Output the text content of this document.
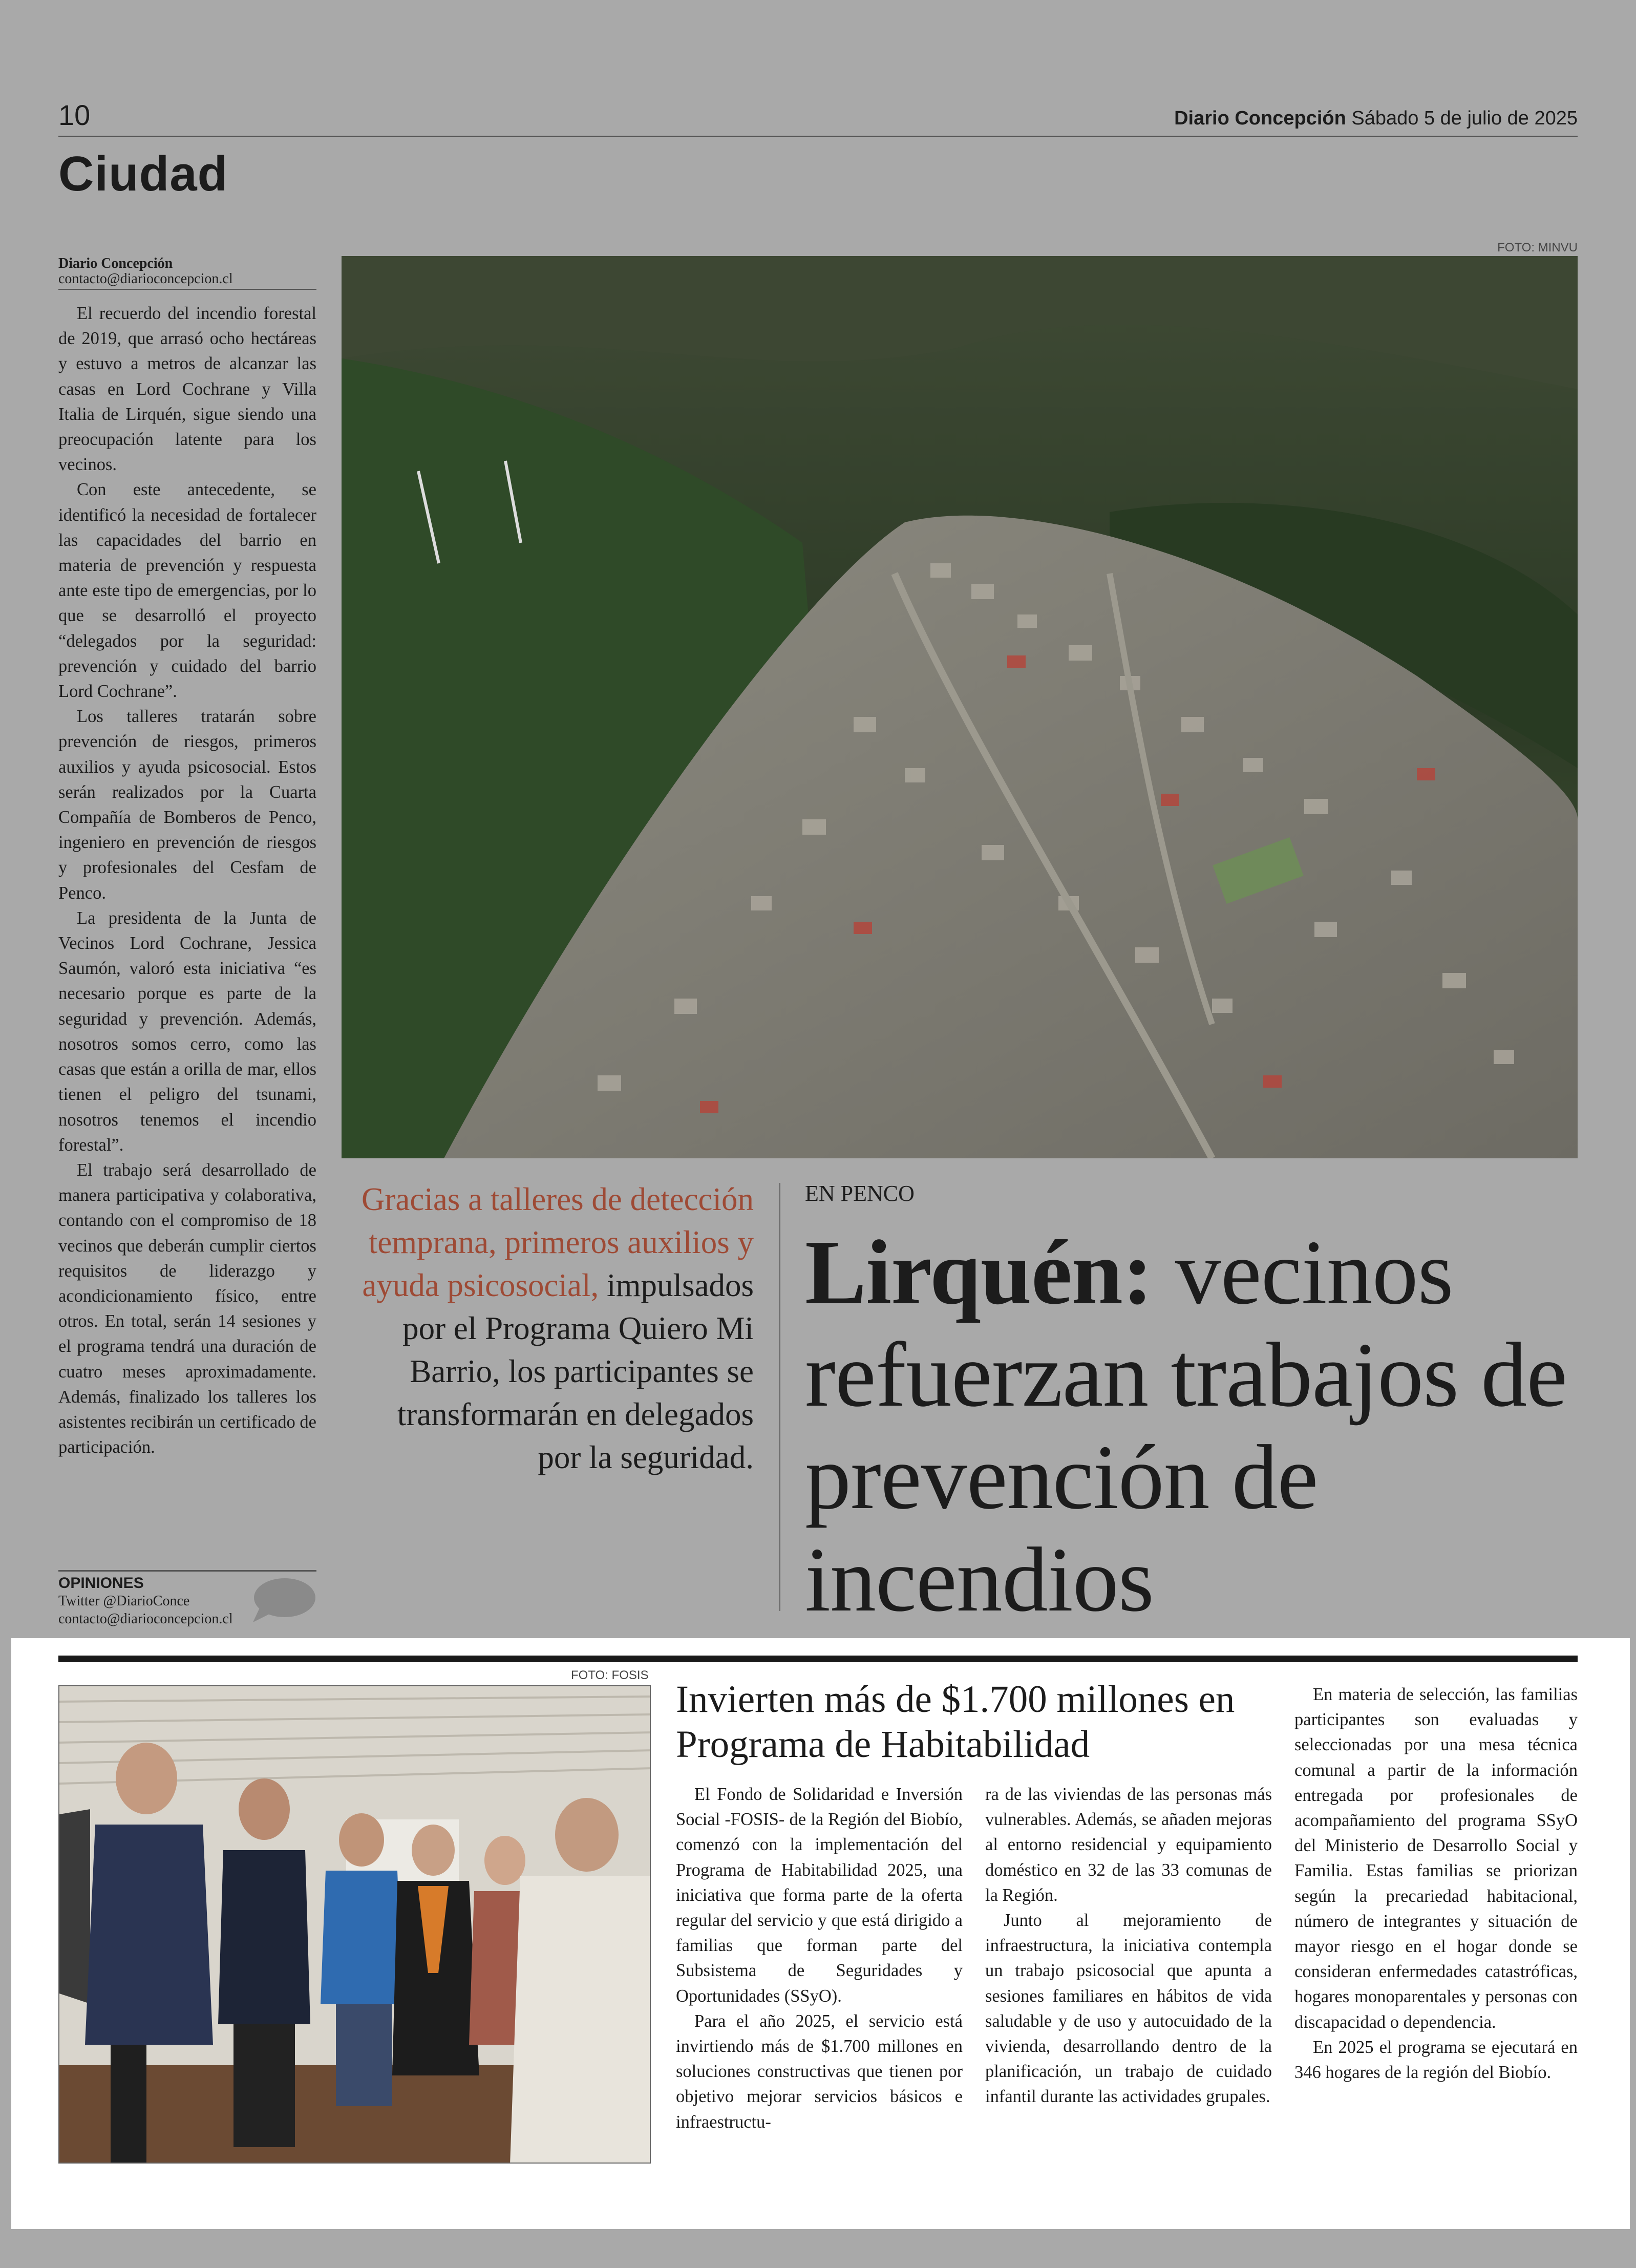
10	Diario Concepción Sábado 5 de julio de 2025
Ciudad
Diario Concepción
contacto@diarioconcepcion.cl

El recuerdo del incendio forestal de 2019, que arrasó ocho hectáreas y estuvo a metros de alcanzar las casas en Lord Cochrane y Villa Italia de Lirquén, sigue siendo una preocupación latente para los vecinos.

Con este antecedente, se identificó la necesidad de fortalecer las capacidades del barrio en materia de prevención y respuesta ante este tipo de emergencias, por lo que se desarrolló el proyecto “delegados por la seguridad: prevención y cuidado del barrio Lord Cochrane”.

Los talleres tratarán sobre prevención de riesgos, primeros auxilios y ayuda psicosocial. Estos serán realizados por la Cuarta Compañía de Bomberos de Penco, ingeniero en prevención de riesgos y profesionales del Cesfam de Penco.

La presidenta de la Junta de Vecinos Lord Cochrane, Jessica Saumón, valoró esta iniciativa “es necesario porque es parte de la seguridad y prevención. Además, nosotros somos cerro, como las casas que están a orilla de mar, ellos tienen el peligro del tsunami, nosotros tenemos el incendio forestal”.

El trabajo será desarrollado de manera participativa y colaborativa, contando con el compromiso de 18 vecinos que deberán cumplir ciertos requisitos de liderazgo y acondicionamiento físico, entre otros. En total, serán 14 sesiones y el programa tendrá una duración de cuatro meses aproximadamente. Además, finalizado los talleres los asistentes recibirán un certificado de participación.

OPINIONES
Twitter @DiarioConce
contacto@diarioconcepcion.cl
FOTO: MINVU
Gracias a talleres de detección temprana, primeros auxilios y ayuda psicosocial, impulsados por el Programa Quiero Mi Barrio, los participantes se transformarán en delegados por la seguridad.
EN PENCO
Lirquén: vecinos refuerzan trabajos de prevención de incendios
FOTO: FOSIS
Invierten más de $1.700 millones en Programa de Habitabilidad

El Fondo de Solidaridad e Inversión Social -FOSIS- de la Región del Biobío, comenzó con la implementación del Programa de Habitabilidad 2025, una iniciativa que forma parte de la oferta regular del servicio y que está dirigido a familias que forman parte del Subsistema de Seguridades y Oportunidades (SSyO).

Para el año 2025, el servicio está invirtiendo más de $1.700 millones en soluciones constructivas que tienen por objetivo mejorar servicios básicos e infraestructu-

ra de las viviendas de las personas más vulnerables. Además, se añaden mejoras al entorno residencial y equipamiento doméstico en 32 de las 33 comunas de la Región.

Junto al mejoramiento de infraestructura, la iniciativa contempla un trabajo psicosocial que apunta a sesiones familiares en hábitos de vida saludable y de uso y autocuidado de la vivienda, desarrollando dentro de la planificación, un trabajo de cuidado infantil durante las actividades grupales.

En materia de selección, las familias participantes son evaluadas y seleccionadas por una mesa técnica comunal a partir de la información entregada por profesionales de acompañamiento del programa SSyO del Ministerio de Desarrollo Social y Familia. Estas familias se priorizan según la precariedad habitacional, número de integrantes y situación de mayor riesgo en el hogar donde se consideran enfermedades catastróficas, hogares monoparentales y personas con discapacidad o dependencia.

En 2025 el programa se ejecutará en 346 hogares de la región del Biobío.
